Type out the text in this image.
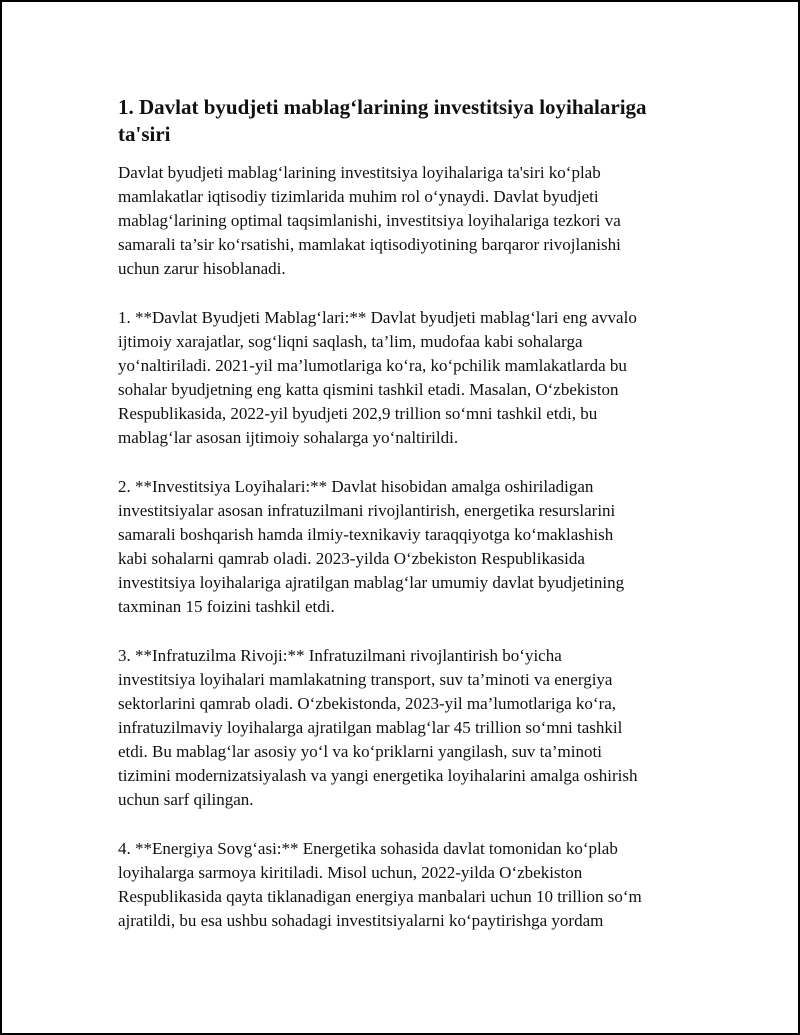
1. Davlat byudjeti mablag‘larining investitsiya loyihalariga
ta'siri

Davlat byudjeti mablag‘larining investitsiya loyihalariga ta'siri ko‘plab
mamlakatlar iqtisodiy tizimlarida muhim rol o‘ynaydi. Davlat byudjeti
mablag‘larining optimal taqsimlanishi, investitsiya loyihalariga tezkori va
samarali ta’sir ko‘rsatishi, mamlakat iqtisodiyotining barqaror rivojlanishi
uchun zarur hisoblanadi.

1. **Davlat Byudjeti Mablag‘lari:** Davlat byudjeti mablag‘lari eng avvalo
ijtimoiy xarajatlar, sog‘liqni saqlash, ta’lim, mudofaa kabi sohalarga
yo‘naltiriladi. 2021-yil ma’lumotlariga ko‘ra, ko‘pchilik mamlakatlarda bu
sohalar byudjetning eng katta qismini tashkil etadi. Masalan, O‘zbekiston
Respublikasida, 2022-yil byudjeti 202,9 trillion so‘mni tashkil etdi, bu
mablag‘lar asosan ijtimoiy sohalarga yo‘naltirildi.

2. **Investitsiya Loyihalari:** Davlat hisobidan amalga oshiriladigan
investitsiyalar asosan infratuzilmani rivojlantirish, energetika resurslarini
samarali boshqarish hamda ilmiy-texnikaviy taraqqiyotga ko‘maklashish
kabi sohalarni qamrab oladi. 2023-yilda O‘zbekiston Respublikasida
investitsiya loyihalariga ajratilgan mablag‘lar umumiy davlat byudjetining
taxminan 15 foizini tashkil etdi.

3. **Infratuzilma Rivoji:** Infratuzilmani rivojlantirish bo‘yicha
investitsiya loyihalari mamlakatning transport, suv ta’minoti va energiya
sektorlarini qamrab oladi. O‘zbekistonda, 2023-yil ma’lumotlariga ko‘ra,
infratuzilmaviy loyihalarga ajratilgan mablag‘lar 45 trillion so‘mni tashkil
etdi. Bu mablag‘lar asosiy yo‘l va ko‘priklarni yangilash, suv ta’minoti
tizimini modernizatsiyalash va yangi energetika loyihalarini amalga oshirish
uchun sarf qilingan.

4. **Energiya Sovg‘asi:** Energetika sohasida davlat tomonidan ko‘plab
loyihalarga sarmoya kiritiladi. Misol uchun, 2022-yilda O‘zbekiston
Respublikasida qayta tiklanadigan energiya manbalari uchun 10 trillion so‘m
ajratildi, bu esa ushbu sohadagi investitsiyalarni ko‘paytirishga yordam
